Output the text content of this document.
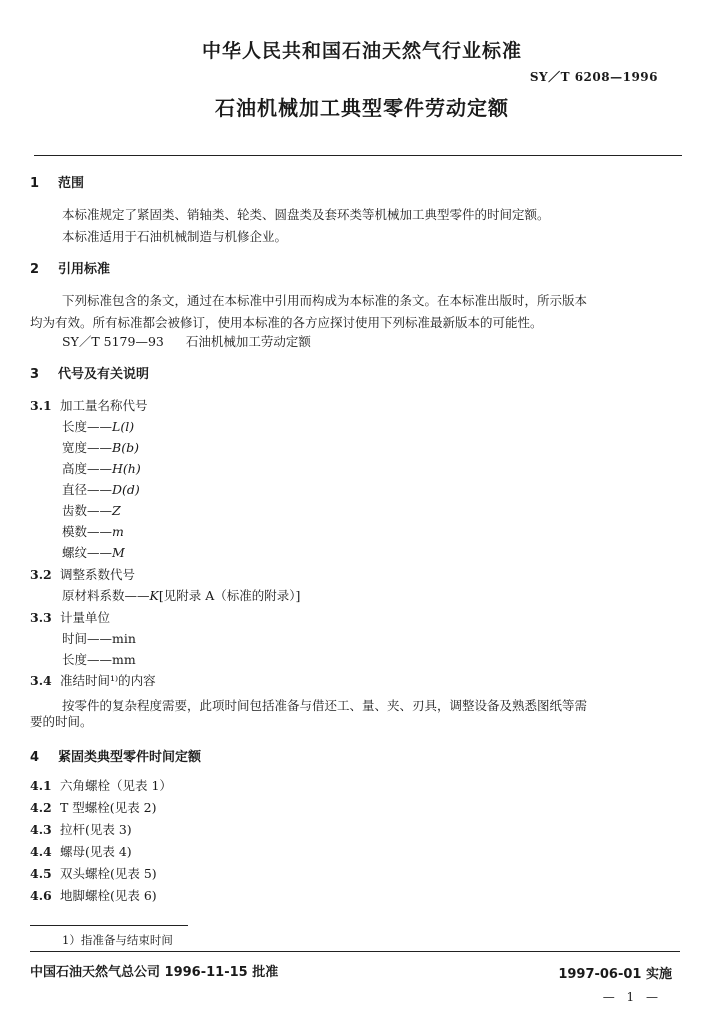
中华人民共和国石油天然气行业标准
SY／T 6208—1996
石油机械加工典型零件劳动定额
1 范围
本标准规定了紧固类、销轴类、轮类、圆盘类及套环类等机械加工典型零件的时间定额。
本标准适用于石油机械制造与机修企业。
2 引用标准
下列标准包含的条文，通过在本标准中引用而构成为本标准的条文。在本标准出版时，所示版本
均为有效。所有标准都会被修订，使用本标准的各方应探讨使用下列标准最新版本的可能性。
SY／T 5179—93 石油机械加工劳动定额
3 代号及有关说明
3.1 加工量名称代号
长度——L(l)
宽度——B(b)
高度——H(h)
直径——D(d)
齿数——Z
模数——m
螺纹——M
3.2 调整系数代号
原材料系数——K[见附录 A（标准的附录）]
3.3 计量单位
时间——min
长度——mm
3.4 准结时间¹⁾的内容
按零件的复杂程度需要，此项时间包括准备与借还工、量、夹、刃具，调整设备及熟悉图纸等需
要的时间。
4 紧固类典型零件时间定额
4.1 六角螺栓（见表 1）
4.2 T 型螺栓(见表 2)
4.3 拉杆(见表 3)
4.4 螺母(见表 4)
4.5 双头螺栓(见表 5)
4.6 地脚螺栓(见表 6)
1）指准备与结束时间
中国石油天然气总公司 1996-11-15 批准	1997-06-01 实施
— 1 —
